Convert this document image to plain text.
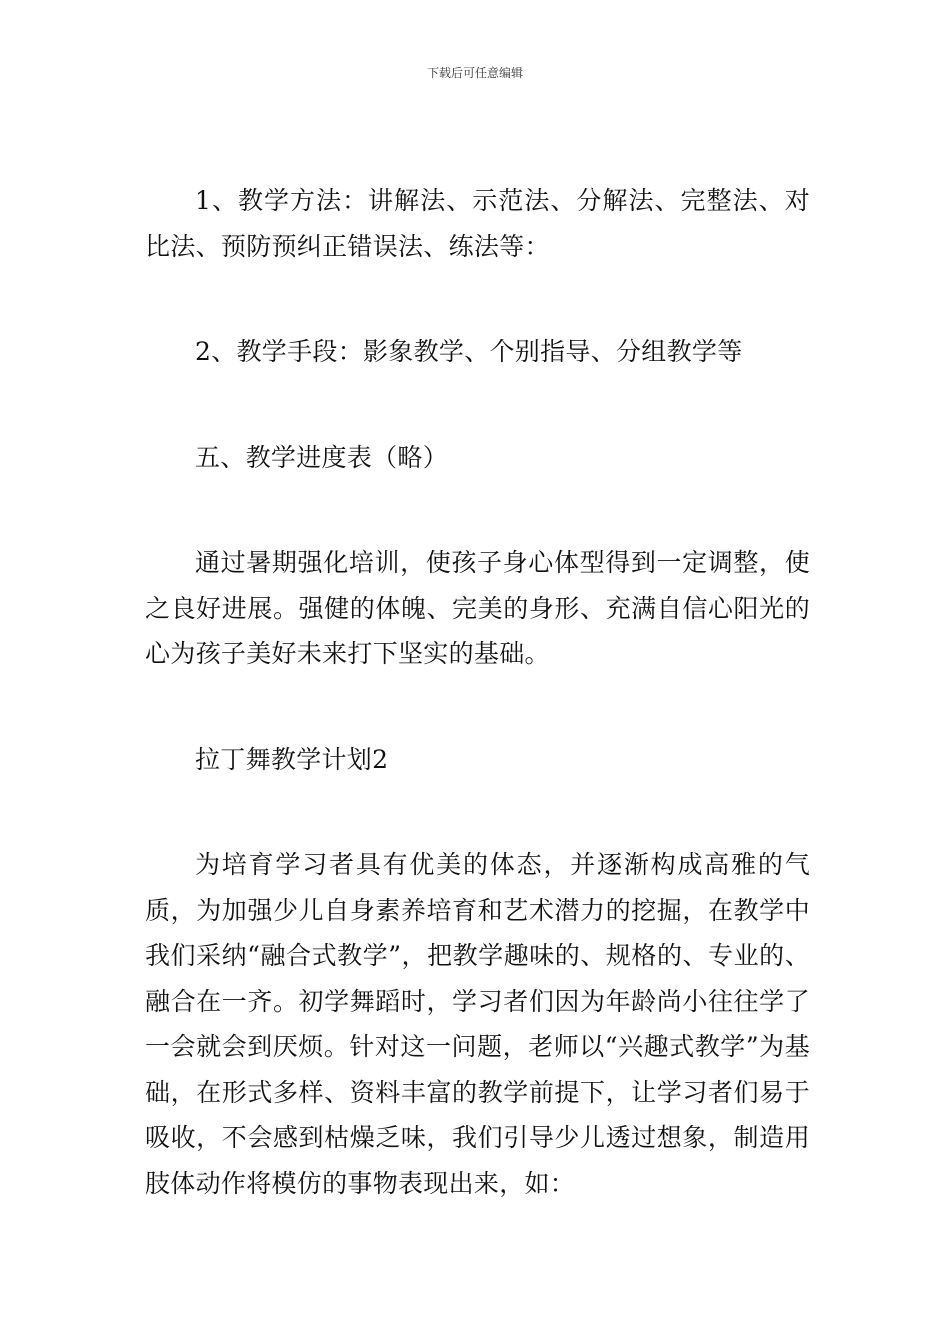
下载后可任意编辑

1、教学方法：讲解法、示范法、分解法、完整法、对比法、预防预纠正错误法、练法等：

2、教学手段：影象教学、个别指导、分组教学等

五、教学进度表（略）

通过暑期强化培训，使孩子身心体型得到一定调整，使之良好进展。强健的体魄、完美的身形、充满自信心阳光的心为孩子美好未来打下坚实的基础。

拉丁舞教学计划2

为培育学习者具有优美的体态，并逐渐构成高雅的气质，为加强少儿自身素养培育和艺术潜力的挖掘，在教学中我们采纳“融合式教学”，把教学趣味的、规格的、专业的、融合在一齐。初学舞蹈时，学习者们因为年龄尚小往往学了一会就会到厌烦。针对这一问题，老师以“兴趣式教学”为基础，在形式多样、资料丰富的教学前提下，让学习者们易于吸收，不会感到枯燥乏味，我们引导少儿透过想象，制造用肢体动作将模仿的事物表现出来，如：
